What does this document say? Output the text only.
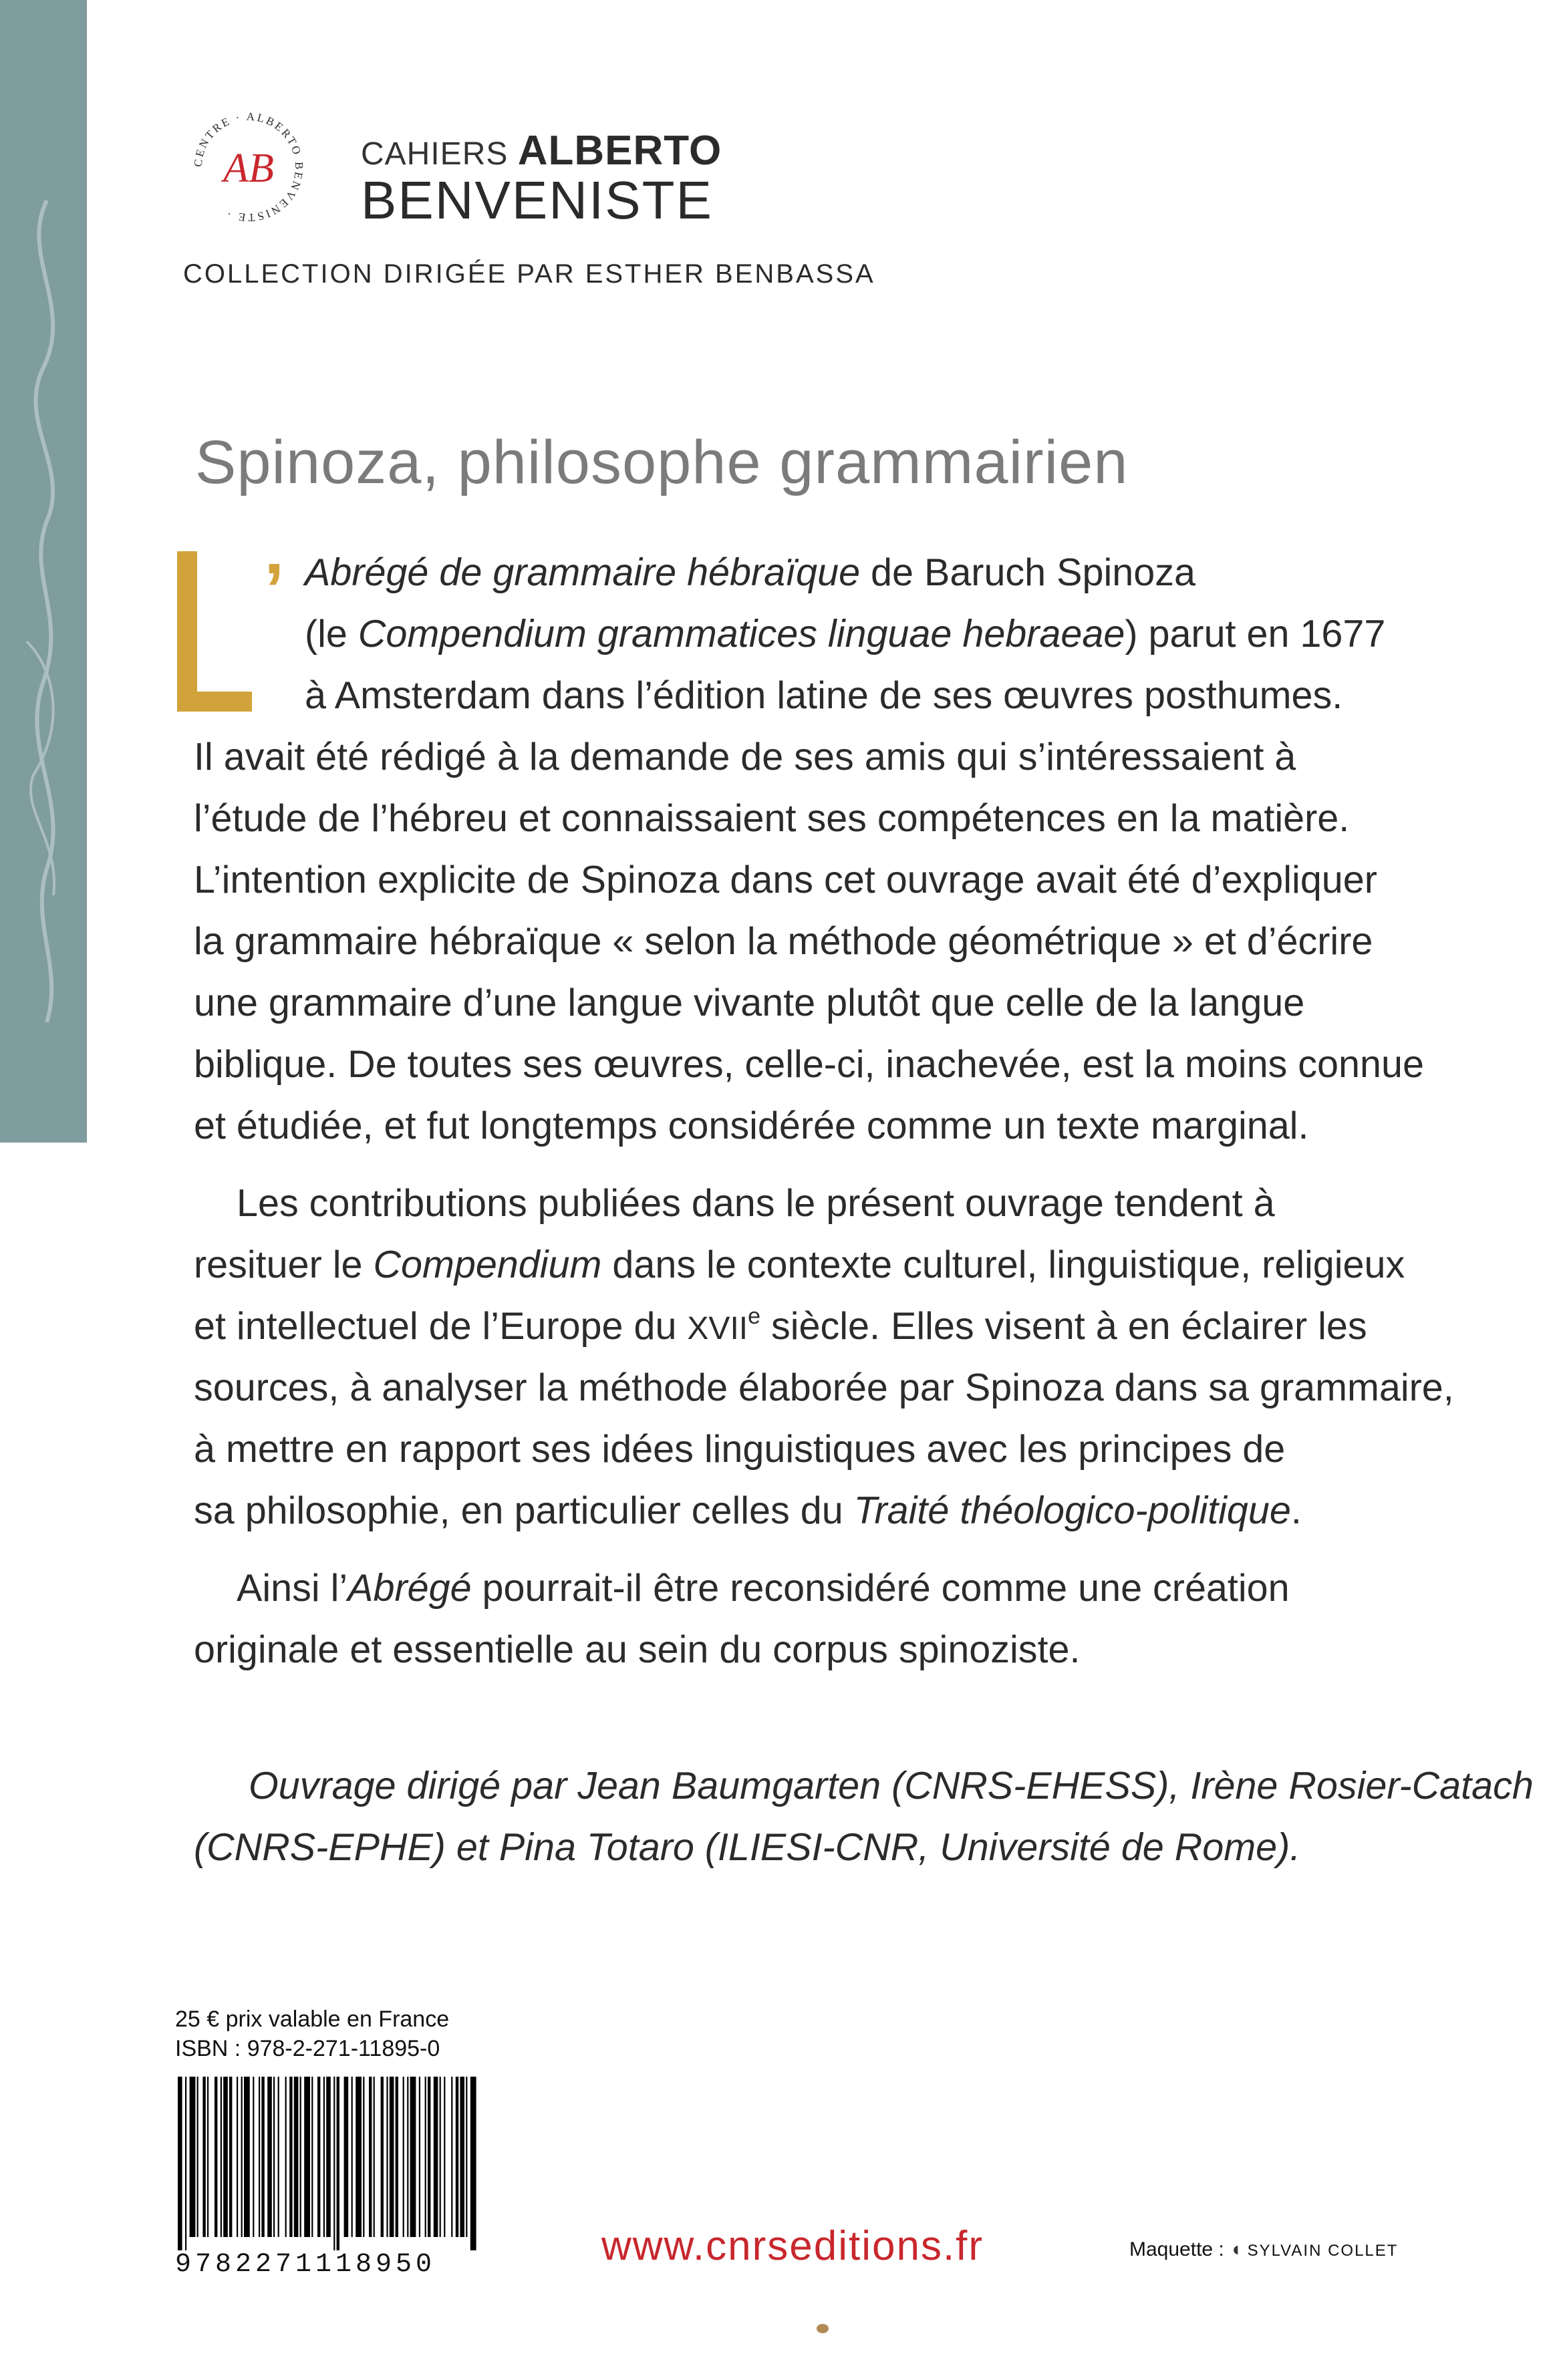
CENTRE · ALBERTO BENVENISTE ·
AB	CAHIERS ALBERTO
BENVENISTE
COLLECTION DIRIGÉE PAR ESTHER BENBASSA
Spinoza, philosophe grammairien
’ Abrégé de grammaire hébraïque de Baruch Spinoza
(le Compendium grammatices linguae hebraeae) parut en 1677
à Amsterdam dans l’édition latine de ses œuvres posthumes.
Il avait été rédigé à la demande de ses amis qui s’intéressaient à
l’étude de l’hébreu et connaissaient ses compétences en la matière.
L’intention explicite de Spinoza dans cet ouvrage avait été d’expliquer
la grammaire hébraïque « selon la méthode géométrique » et d’écrire
une grammaire d’une langue vivante plutôt que celle de la langue
biblique. De toutes ses œuvres, celle-ci, inachevée, est la moins connue
et étudiée, et fut longtemps considérée comme un texte marginal.
Les contributions publiées dans le présent ouvrage tendent à
resituer le Compendium dans le contexte culturel, linguistique, religieux
et intellectuel de l’Europe du XVIIe siècle. Elles visent à en éclairer les
sources, à analyser la méthode élaborée par Spinoza dans sa grammaire,
à mettre en rapport ses idées linguistiques avec les principes de
sa philosophie, en particulier celles du Traité théologico-politique.
Ainsi l’Abrégé pourrait-il être reconsidéré comme une création
originale et essentielle au sein du corpus spinoziste.
Ouvrage dirigé par Jean Baumgarten (CNRS-EHESS), Irène Rosier-Catach
(CNRS-EPHE) et Pina Totaro (ILIESI-CNR, Université de Rome).
25 € prix valable en France
ISBN : 978-2-271-11895-0
9782271118950	www.cnrseditions.fr	Maquette : ◖ SYLVAIN COLLET
